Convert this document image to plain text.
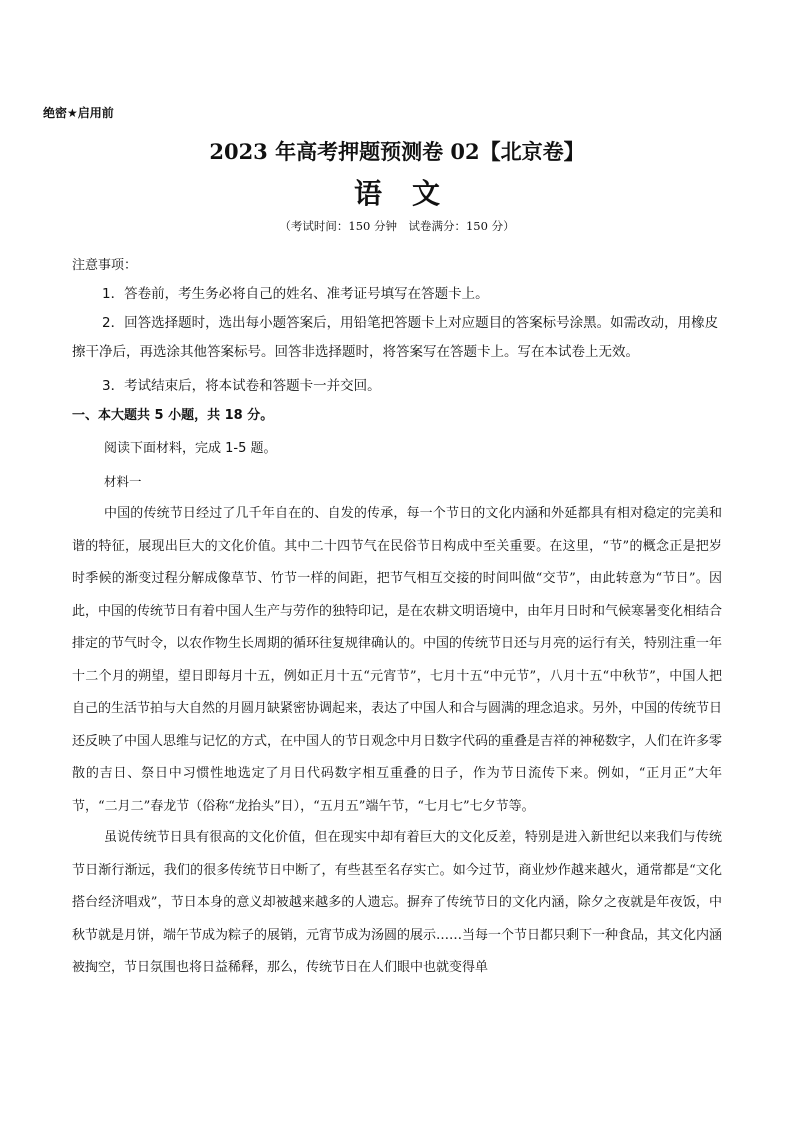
绝密★启用前
2023 年高考押题预测卷 02【北京卷】
语文
（考试时间：150 分钟　试卷满分：150 分）
注意事项：
1．答卷前，考生务必将自己的姓名、准考证号填写在答题卡上。
2．回答选择题时，选出每小题答案后，用铅笔把答题卡上对应题目的答案标号涂黑。如需改动，用橡皮擦干净后，再选涂其他答案标号。回答非选择题时，将答案写在答题卡上。写在本试卷上无效。
3．考试结束后，将本试卷和答题卡一并交回。
一、本大题共 5 小题，共 18 分。
阅读下面材料，完成 1-5 题。
材料一
中国的传统节日经过了几千年自在的、自发的传承，每一个节日的文化内涵和外延都具有相对稳定的完美和谐的特征，展现出巨大的文化价值。其中二十四节气在民俗节日构成中至关重要。在这里，“节”的概念正是把岁时季候的渐变过程分解成像草节、竹节一样的间距，把节气相互交接的时间叫做“交节”，由此转意为“节日”。因此，中国的传统节日有着中国人生产与劳作的独特印记，是在农耕文明语境中，由年月日时和气候寒暑变化相结合排定的节气时令，以农作物生长周期的循环往复规律确认的。中国的传统节日还与月亮的运行有关，特别注重一年十二个月的朔望，望日即每月十五，例如正月十五“元宵节”，七月十五“中元节”，八月十五“中秋节”，中国人把自己的生活节拍与大自然的月圆月缺紧密协调起来，表达了中国人和合与圆满的理念追求。另外，中国的传统节日还反映了中国人思维与记忆的方式，在中国人的节日观念中月日数字代码的重叠是吉祥的神秘数字，人们在许多零散的吉日、祭日中习惯性地选定了月日代码数字相互重叠的日子，作为节日流传下来。例如，“正月正”大年节，“二月二”春龙节（俗称“龙抬头”日），“五月五”端午节，“七月七”七夕节等。
虽说传统节日具有很高的文化价值，但在现实中却有着巨大的文化反差，特别是进入新世纪以来我们与传统节日渐行渐远，我们的很多传统节日中断了，有些甚至名存实亡。如今过节，商业炒作越来越火，通常都是“文化搭台经济唱戏”，节日本身的意义却被越来越多的人遗忘。摒弃了传统节日的文化内涵，除夕之夜就是年夜饭，中秋节就是月饼，端午节成为粽子的展销，元宵节成为汤圆的展示……当每一个节日都只剩下一种食品，其文化内涵被掏空，节日氛围也将日益稀释，那么，传统节日在人们眼中也就变得单
